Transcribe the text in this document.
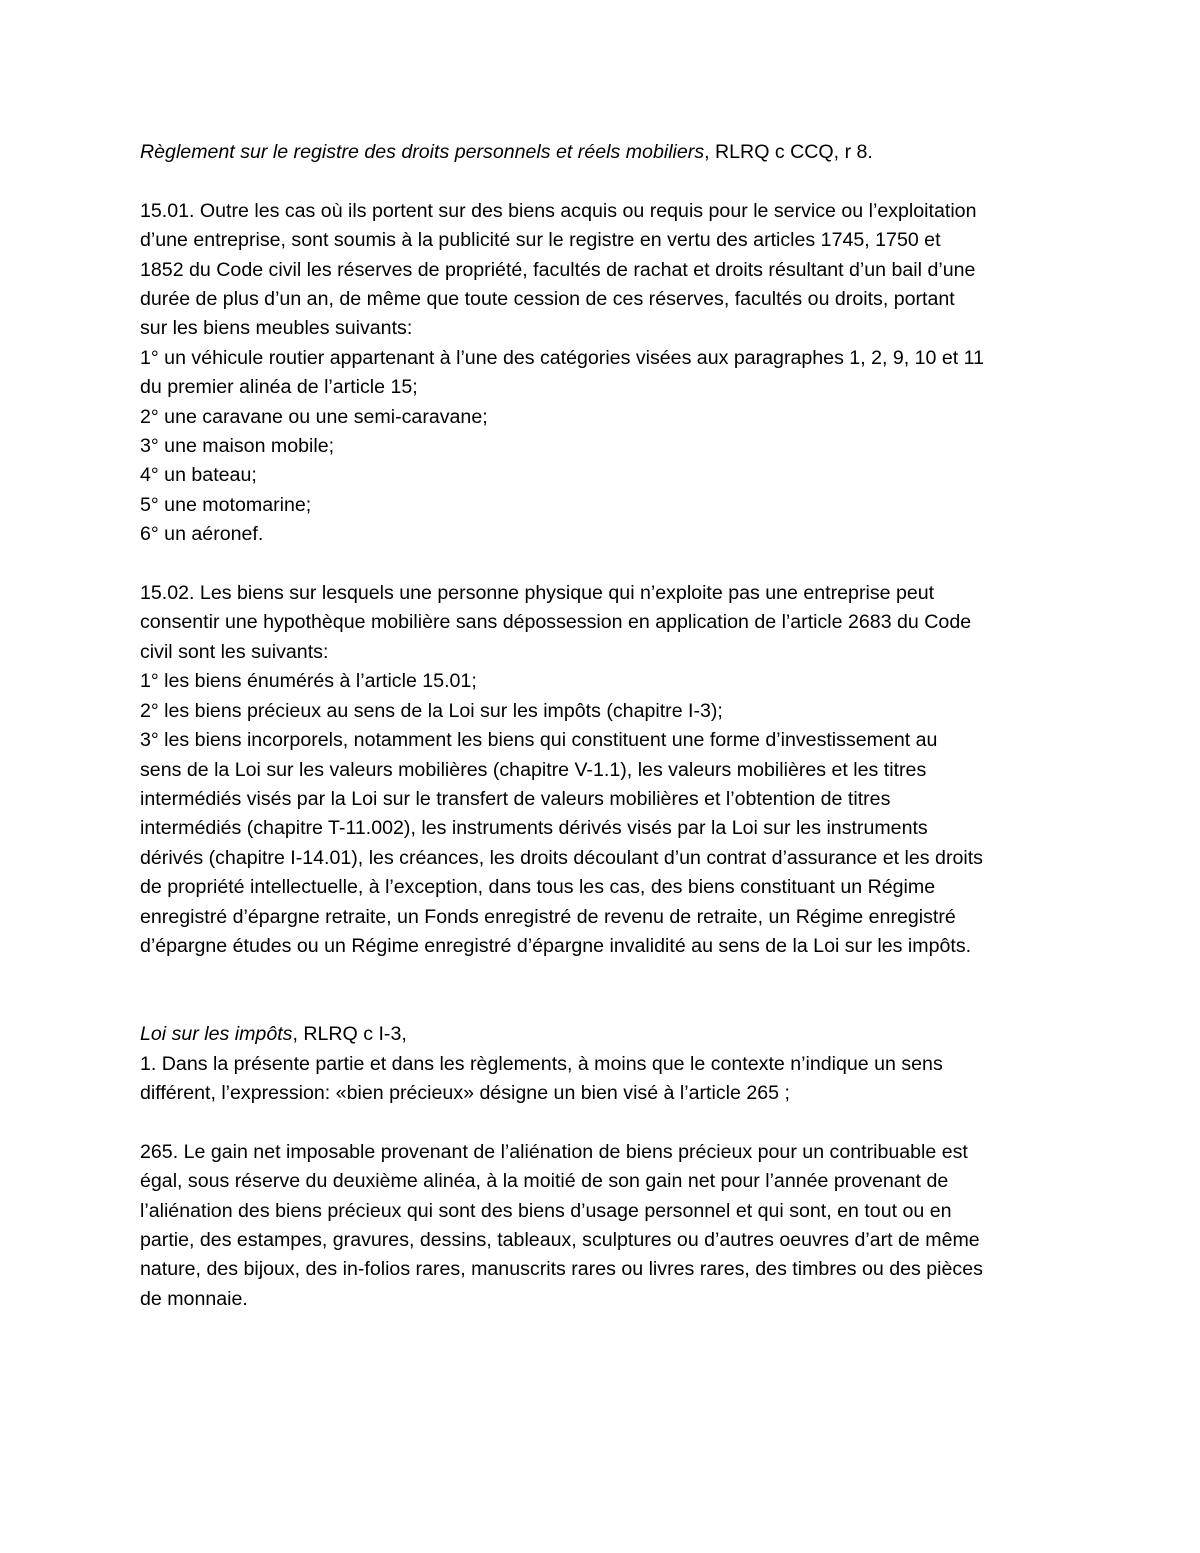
Règlement sur le registre des droits personnels et réels mobiliers, RLRQ c CCQ, r 8.
15.01. Outre les cas où ils portent sur des biens acquis ou requis pour le service ou l’exploitation
d’une entreprise, sont soumis à la publicité sur le registre en vertu des articles 1745, 1750 et
1852 du Code civil les réserves de propriété, facultés de rachat et droits résultant d’un bail d’une
durée de plus d’un an, de même que toute cession de ces réserves, facultés ou droits, portant
sur les biens meubles suivants:
1° un véhicule routier appartenant à l’une des catégories visées aux paragraphes 1, 2, 9, 10 et 11
du premier alinéa de l’article 15;
2° une caravane ou une semi-caravane;
3° une maison mobile;
4° un bateau;
5° une motomarine;
6° un aéronef.
15.02. Les biens sur lesquels une personne physique qui n’exploite pas une entreprise peut
consentir une hypothèque mobilière sans dépossession en application de l’article 2683 du Code
civil sont les suivants:
1° les biens énumérés à l’article 15.01;
2° les biens précieux au sens de la Loi sur les impôts (chapitre I-3);
3° les biens incorporels, notamment les biens qui constituent une forme d’investissement au
sens de la Loi sur les valeurs mobilières (chapitre V-1.1), les valeurs mobilières et les titres
intermédiés visés par la Loi sur le transfert de valeurs mobilières et l’obtention de titres
intermédiés (chapitre T-11.002), les instruments dérivés visés par la Loi sur les instruments
dérivés (chapitre I-14.01), les créances, les droits découlant d’un contrat d’assurance et les droits
de propriété intellectuelle, à l’exception, dans tous les cas, des biens constituant un Régime
enregistré d’épargne retraite, un Fonds enregistré de revenu de retraite, un Régime enregistré
d’épargne études ou un Régime enregistré d’épargne invalidité au sens de la Loi sur les impôts.
Loi sur les impôts, RLRQ c I-3,
1. Dans la présente partie et dans les règlements, à moins que le contexte n’indique un sens
différent, l’expression: «bien précieux» désigne un bien visé à l’article 265 ;
265. Le gain net imposable provenant de l’aliénation de biens précieux pour un contribuable est
égal, sous réserve du deuxième alinéa, à la moitié de son gain net pour l’année provenant de
l’aliénation des biens précieux qui sont des biens d’usage personnel et qui sont, en tout ou en
partie, des estampes, gravures, dessins, tableaux, sculptures ou d’autres oeuvres d’art de même
nature, des bijoux, des in-folios rares, manuscrits rares ou livres rares, des timbres ou des pièces
de monnaie.
